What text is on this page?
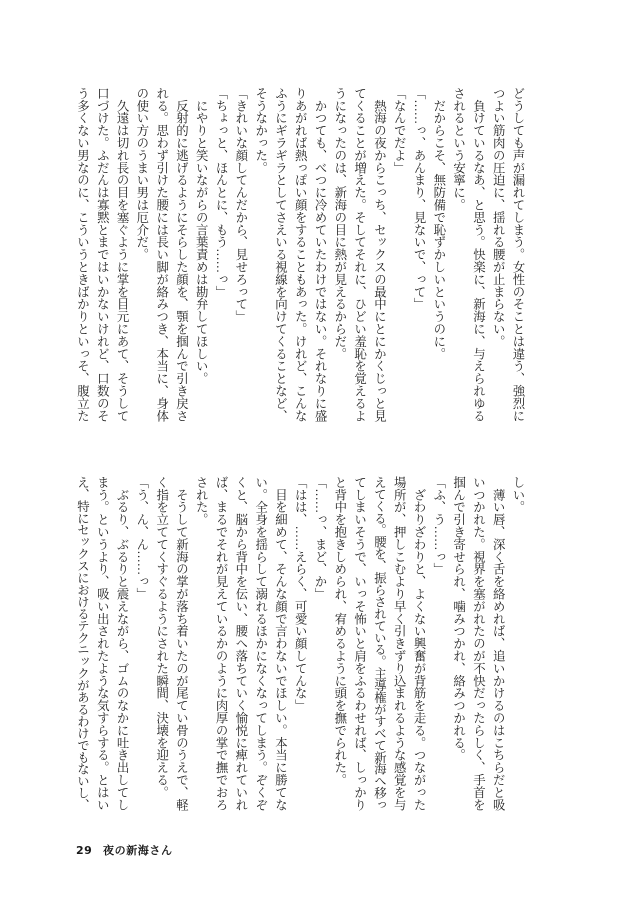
どうしても声が漏れてしまう。女性のそことは違う、強烈に
つよい筋肉の圧迫に、揺れる腰が止まらない。
　負けているなあ、と思う。快楽に、新海に、与えられゆる
されるという安寧に。
　だからこそ、無防備で恥ずかしいというのに。
「……っ、あんまり、見ないで、って」
「なんでだよ」
　熱海の夜からこっち、セックスの最中にとにかくじっと見
てくることが増えた。そしてそれに、ひどい羞恥を覚えるよ
うになったのは、新海の目に熱が見えるからだ。
　かつても、べつに冷めていたわけではない。それなりに盛
りあがれば熱っぽい顔をすることもあった。けれど、こんな
ふうにギラギラとしてさえいる視線を向けてくることなど、
そうなかった。
「きれいな顔してんだから、見せろって」
「ちょっと、ほんとに、もう……っ」
　にやりと笑いながらの言葉責めは勘弁してほしい。
　反射的に逃げるようにそらした顔を、顎を掴んで引き戻さ
れる。思わず引けた腰には長い脚が絡みつき、本当に、身体
の使い方のうまい男は厄介だ。
　久遠は切れ長の目を塞ぐように掌を目元にあて、そうして
口づけた。ふだんは寡黙とまではいかないけれど、口数のそ
う多くない男なのに、こういうときばかりといっそ、腹立た
しい。
　薄い唇、深く舌を絡めれば、追いかけるのはこちらだと吸
いつかれた。視界を塞がれたのが不快だったらしく、手首を
掴んで引き寄せられ、噛みつかれ、絡みつかれる。
「ふ、う……っ」
　ざわりざわりと、よくない興奮が背筋を走る。つながった
場所が、押しこむより早く引きずり込まれるような感覚を与
えてくる。腰を、振らされている。主導権がすべて新海へ移っ
てしまいそうで、いっそ怖いと肩をふるわせれば、しっかり
と背中を抱きしめられ、宥めるように頭を撫でられた。
「……っ、まど、か」
「はは、……えらく、可愛い顔してんな」
　目を細めて、そんな顔で言わないでほしい。本当に勝てな
い。全身を揺らして溺れるほかになくなってしまう。ぞくぞ
くと、脳から背中を伝い、腰へ落ちていく愉悦に痺れていれ
ば、まるでそれが見えているかのように肉厚の掌で撫でおろ
された。
　そうして新海の掌が落ち着いたのが尾てい骨のうえで、軽
く指を立ててくすぐるようにされた瞬間、決壊を迎える。
「う、ん、ん……っ」
　ぶるり、ぶるりと震えながら、ゴムのなかに吐き出してし
まう。というより、吸い出されたような気すらする。とはい
え、特にセックスにおけるテクニックがあるわけでもないし、
29 夜の新海さん
